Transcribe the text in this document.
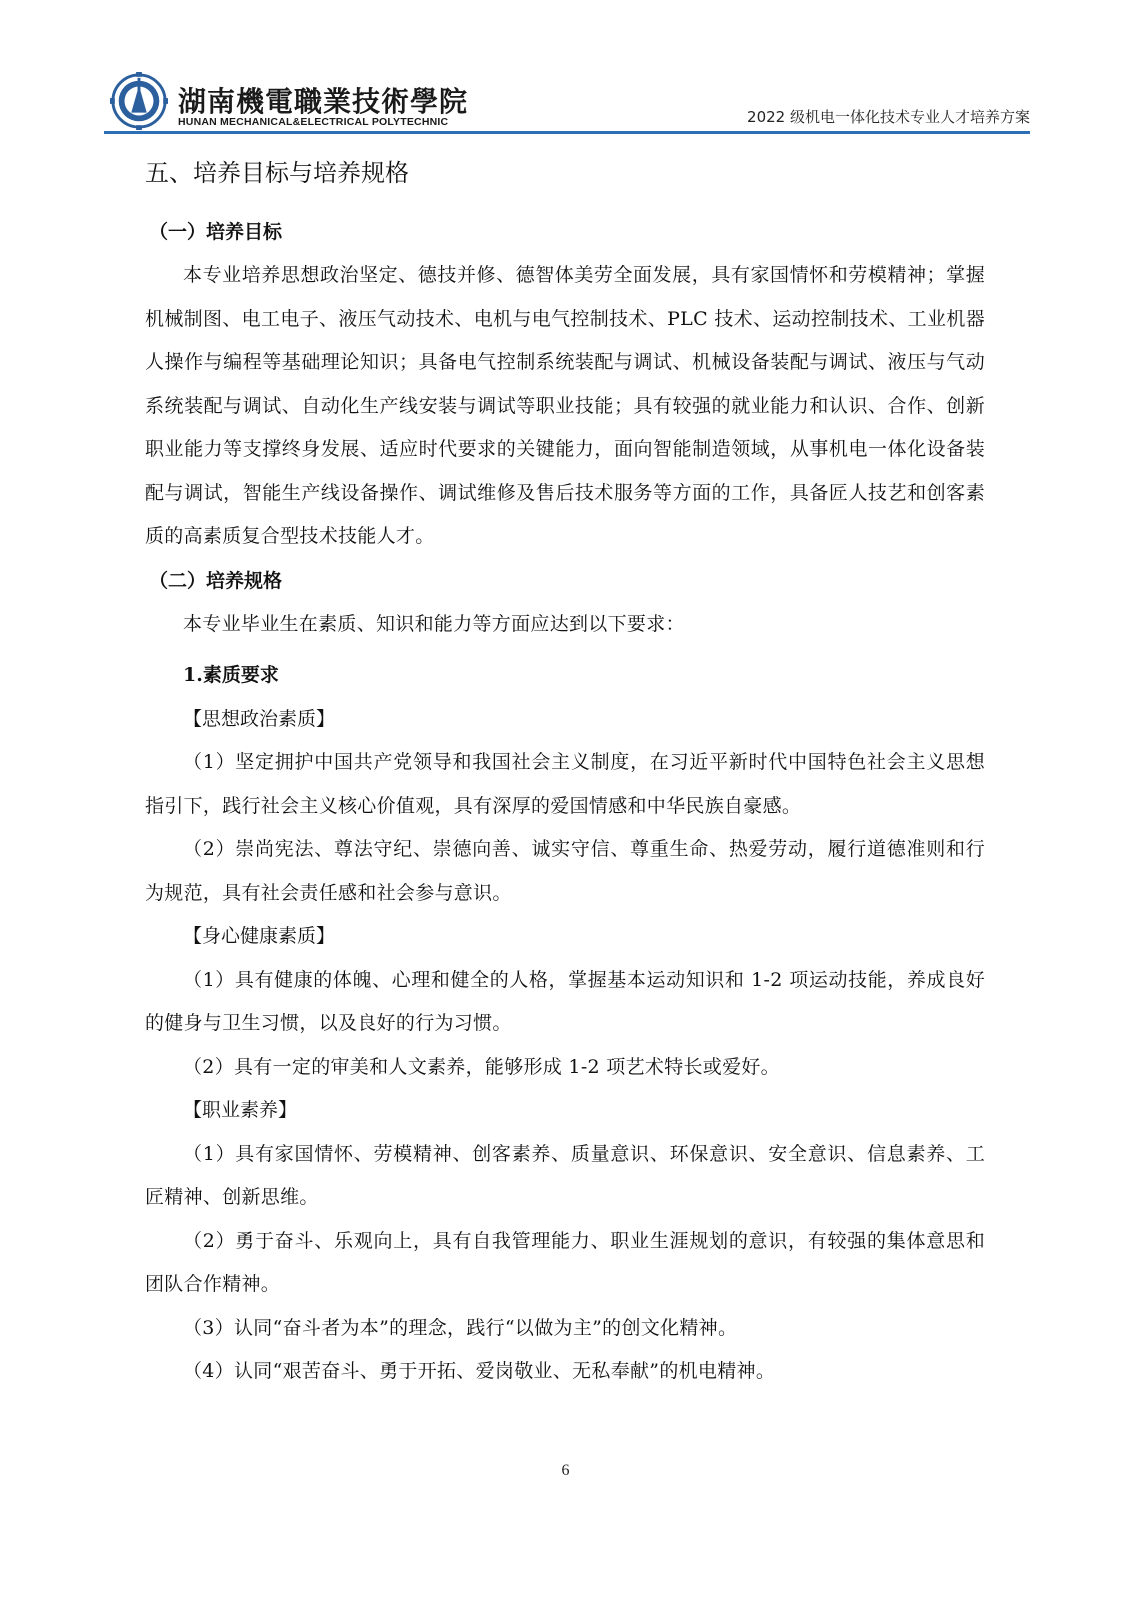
湖南機電職業技術學院
HUNAN MECHANICAL&ELECTRICAL POLYTECHNIC	2022 级机电一体化技术专业人才培养方案
五、培养目标与培养规格
（一）培养目标

本专业培养思想政治坚定、德技并修、德智体美劳全面发展，具有家国情怀和劳模精神；掌握机械制图、电工电子、液压气动技术、电机与电气控制技术、PLC 技术、运动控制技术、工业机器人操作与编程等基础理论知识；具备电气控制系统装配与调试、机械设备装配与调试、液压与气动系统装配与调试、自动化生产线安装与调试等职业技能；具有较强的就业能力和认识、合作、创新职业能力等支撑终身发展、适应时代要求的关键能力，面向智能制造领域，从事机电一体化设备装配与调试，智能生产线设备操作、调试维修及售后技术服务等方面的工作，具备匠人技艺和创客素质的高素质复合型技术技能人才。

（二）培养规格

本专业毕业生在素质、知识和能力等方面应达到以下要求：

1.素质要求

【思想政治素质】

（1）坚定拥护中国共产党领导和我国社会主义制度，在习近平新时代中国特色社会主义思想指引下，践行社会主义核心价值观，具有深厚的爱国情感和中华民族自豪感。

（2）崇尚宪法、尊法守纪、崇德向善、诚实守信、尊重生命、热爱劳动，履行道德准则和行为规范，具有社会责任感和社会参与意识。

【身心健康素质】

（1）具有健康的体魄、心理和健全的人格，掌握基本运动知识和 1-2 项运动技能，养成良好的健身与卫生习惯，以及良好的行为习惯。

（2）具有一定的审美和人文素养，能够形成 1-2 项艺术特长或爱好。

【职业素养】

（1）具有家国情怀、劳模精神、创客素养、质量意识、环保意识、安全意识、信息素养、工匠精神、创新思维。

（2）勇于奋斗、乐观向上，具有自我管理能力、职业生涯规划的意识，有较强的集体意思和团队合作精神。

（3）认同“奋斗者为本”的理念，践行“以做为主”的创文化精神。

（4）认同“艰苦奋斗、勇于开拓、爱岗敬业、无私奉献”的机电精神。

6
